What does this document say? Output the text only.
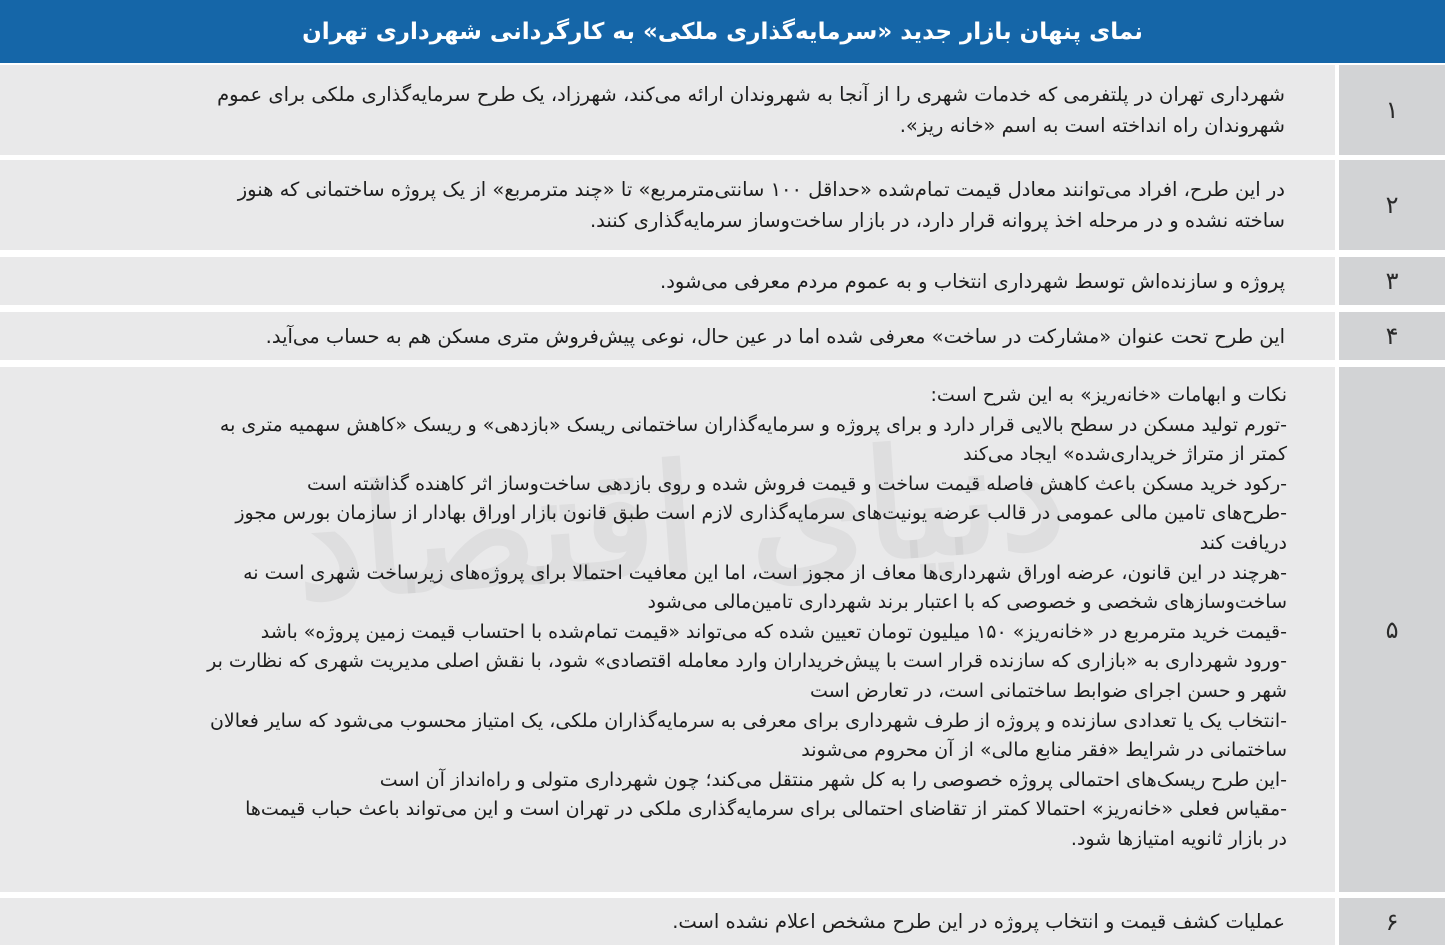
نمای پنهان بازار جدید «سرمایه‌گذاری ملکی» به کارگردانی شهرداری تهران
۱
شهرداری تهران در پلتفرمی که خدمات شهری را از آنجا به شهروندان ارائه می‌کند، شهرزاد، یک طرح سرمایه‌گذاری ملکی برای عموم
شهروندان راه انداخته است به اسم «خانه ریز».
۲
در این طرح، افراد می‌توانند معادل قیمت تمام‌شده «حداقل ۱۰۰ سانتی‌مترمربع» تا «چند مترمربع» از یک پروژه ساختمانی که هنوز
ساخته نشده و در مرحله اخذ پروانه قرار دارد، در بازار ساخت‌وساز سرمایه‌گذاری کنند.
۳
پروژه و سازنده‌اش توسط شهرداری انتخاب و به عموم مردم معرفی می‌شود.
۴
این طرح تحت عنوان «مشارکت در ساخت» معرفی شده اما در عین حال، نوعی پیش‌فروش متری مسکن هم به حساب می‌آید.
۵
نکات و ابهامات «خانه‌ریز» به این شرح است:
-تورم تولید مسکن در سطح بالایی قرار دارد و برای پروژه و سرمایه‌گذاران ساختمانی ریسک «بازدهی» و ریسک «کاهش سهمیه متری به
کمتر از متراژ خریداری‌شده» ایجاد می‌کند
-رکود خرید مسکن باعث کاهش فاصله قیمت ساخت و قیمت فروش شده و روی بازدهی ساخت‌وساز اثر کاهنده گذاشته است
-طرح‌های تامین مالی عمومی در قالب عرضه یونیت‌های سرمایه‌گذاری لازم است طبق قانون بازار اوراق بهادار از سازمان بورس مجوز
دریافت کند
-هرچند در این قانون، عرضه اوراق شهرداری‌ها معاف از مجوز است، اما این معافیت احتمالا برای پروژه‌های زیرساخت شهری است نه
ساخت‌وسازهای شخصی و خصوصی که با اعتبار برند شهرداری تامین‌مالی می‌شود
-قیمت خرید مترمربع در «خانه‌ریز» ۱۵۰ میلیون تومان تعیین شده که می‌تواند «قیمت تمام‌شده با احتساب قیمت زمین پروژه» باشد
-ورود شهرداری به «بازاری که سازنده قرار است با پیش‌خریداران وارد معامله اقتصادی» شود، با نقش اصلی مدیریت شهری که نظارت بر
شهر و حسن اجرای ضوابط ساختمانی است، در تعارض است
-انتخاب یک یا تعدادی سازنده و پروژه از طرف شهرداری برای معرفی به سرمایه‌گذاران ملکی، یک امتیاز محسوب می‌شود که سایر فعالان
ساختمانی در شرایط «فقر منابع مالی» از آن محروم می‌شوند
-این طرح ریسک‌های احتمالی پروژه خصوصی را به کل شهر منتقل می‌کند؛ چون شهرداری متولی و راه‌انداز آن است
-مقیاس فعلی «خانه‌ریز» احتمالا کمتر از تقاضای احتمالی برای سرمایه‌گذاری ملکی در تهران است و این می‌تواند باعث حباب قیمت‌ها
در بازار ثانویه امتیازها شود.
۶
عملیات کشف قیمت و انتخاب پروژه در این طرح مشخص اعلام نشده است.
